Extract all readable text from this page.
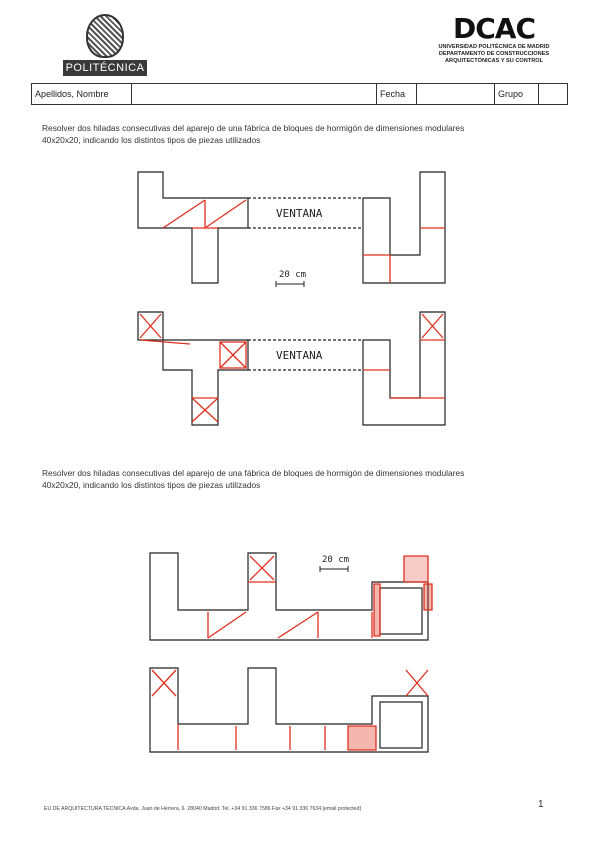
POLITÉCNICA
DCAC
UNIVERSIDAD POLITÉCNICA DE MADRID
DEPARTAMENTO DE CONSTRUCCIONES
ARQUITECTÓNICAS Y SU CONTROL
Apellidos, Nombre	Fecha	Grupo
Resolver dos hiladas consecutivas del aparejo de una fábrica de bloques de hormigón de dimensiones modulares
40x20x20, indicando los distintos tipos de piezas utilizados
Resolver dos hiladas consecutivas del aparejo de una fábrica de bloques de hormigón de dimensiones modulares
40x20x20, indicando los distintos tipos de piezas utilizados
VENTANA
VENTANA
20 cm
20 cm
1
EU DE ARQUITECTURA TÉCNICA Avda. Juan de Herrera, 6. 28040 Madrid. Tel. +34 91 336 7586 Fax +34 91 336 7634 [email protected]
